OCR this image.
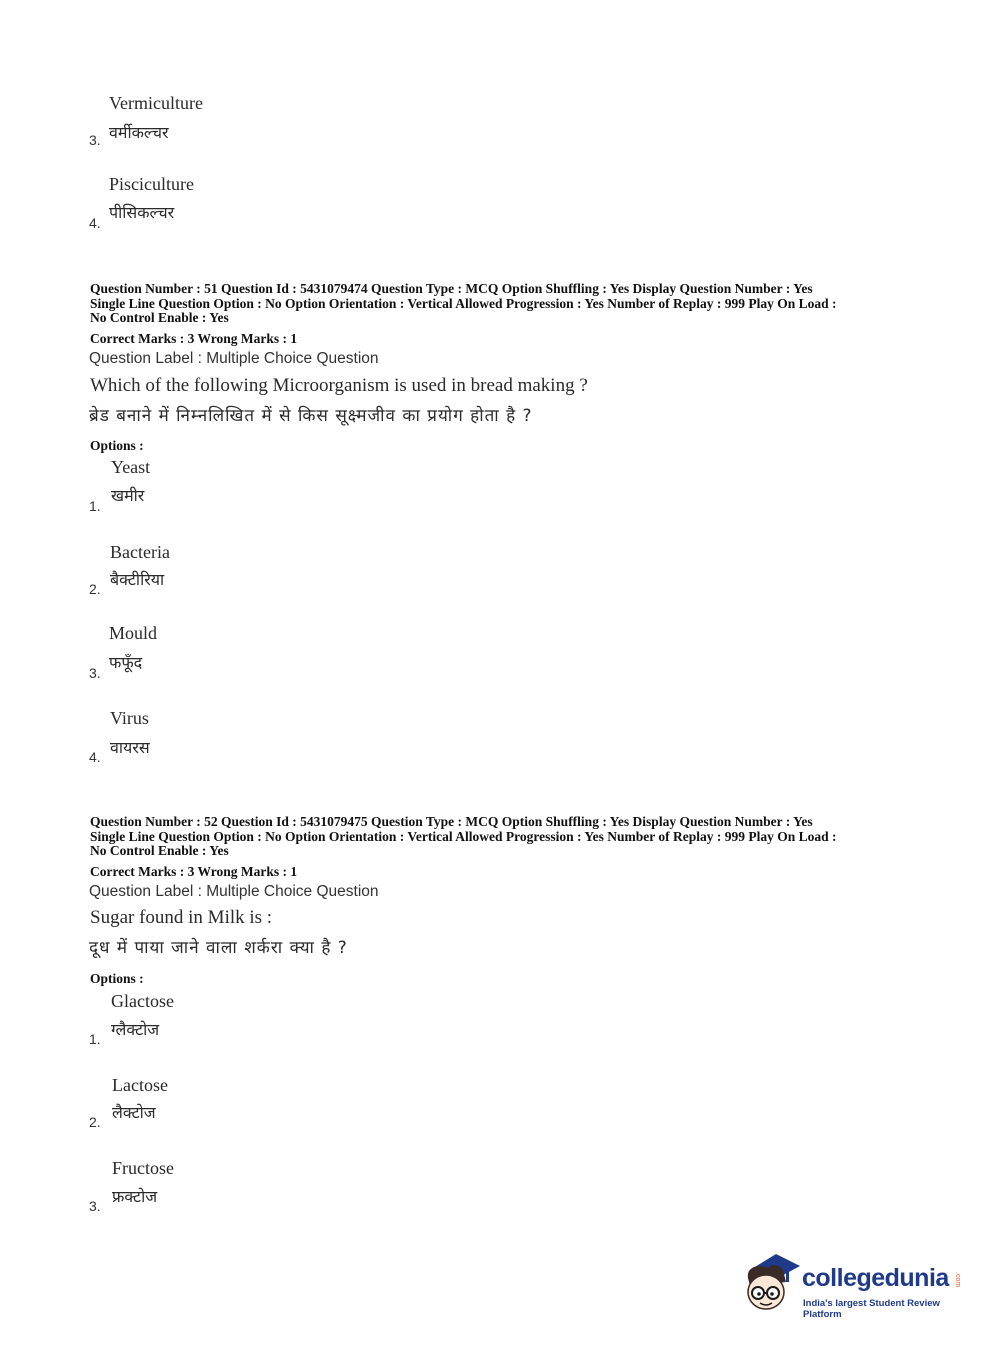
Vermiculture
वर्मीकल्चर
3.
Pisciculture
पीसिकल्चर
4.
Question Number : 51 Question Id : 5431079474 Question Type : MCQ Option Shuffling : Yes Display Question Number : Yes
Single Line Question Option : No Option Orientation : Vertical Allowed Progression : Yes Number of Replay : 999 Play On Load :
No Control Enable : Yes
Correct Marks : 3 Wrong Marks : 1
Question Label : Multiple Choice Question
Which of the following Microorganism is used in bread making ?
ब्रेड बनाने में निम्नलिखित में से किस सूक्ष्मजीव का प्रयोग होता है ?
Options :
Yeast
खमीर
1.
Bacteria
बैक्टीरिया
2.
Mould
फफूँद
3.
Virus
वायरस
4.
Question Number : 52 Question Id : 5431079475 Question Type : MCQ Option Shuffling : Yes Display Question Number : Yes
Single Line Question Option : No Option Orientation : Vertical Allowed Progression : Yes Number of Replay : 999 Play On Load :
No Control Enable : Yes
Correct Marks : 3 Wrong Marks : 1
Question Label : Multiple Choice Question
Sugar found in Milk is :
दूध में पाया जाने वाला शर्करा क्या है ?
Options :
Glactose
ग्लैक्टोज
1.
Lactose
लैक्टोज
2.
Fructose
फ्रक्टोज
3.
collegedunia .com
India's largest Student Review Platform
